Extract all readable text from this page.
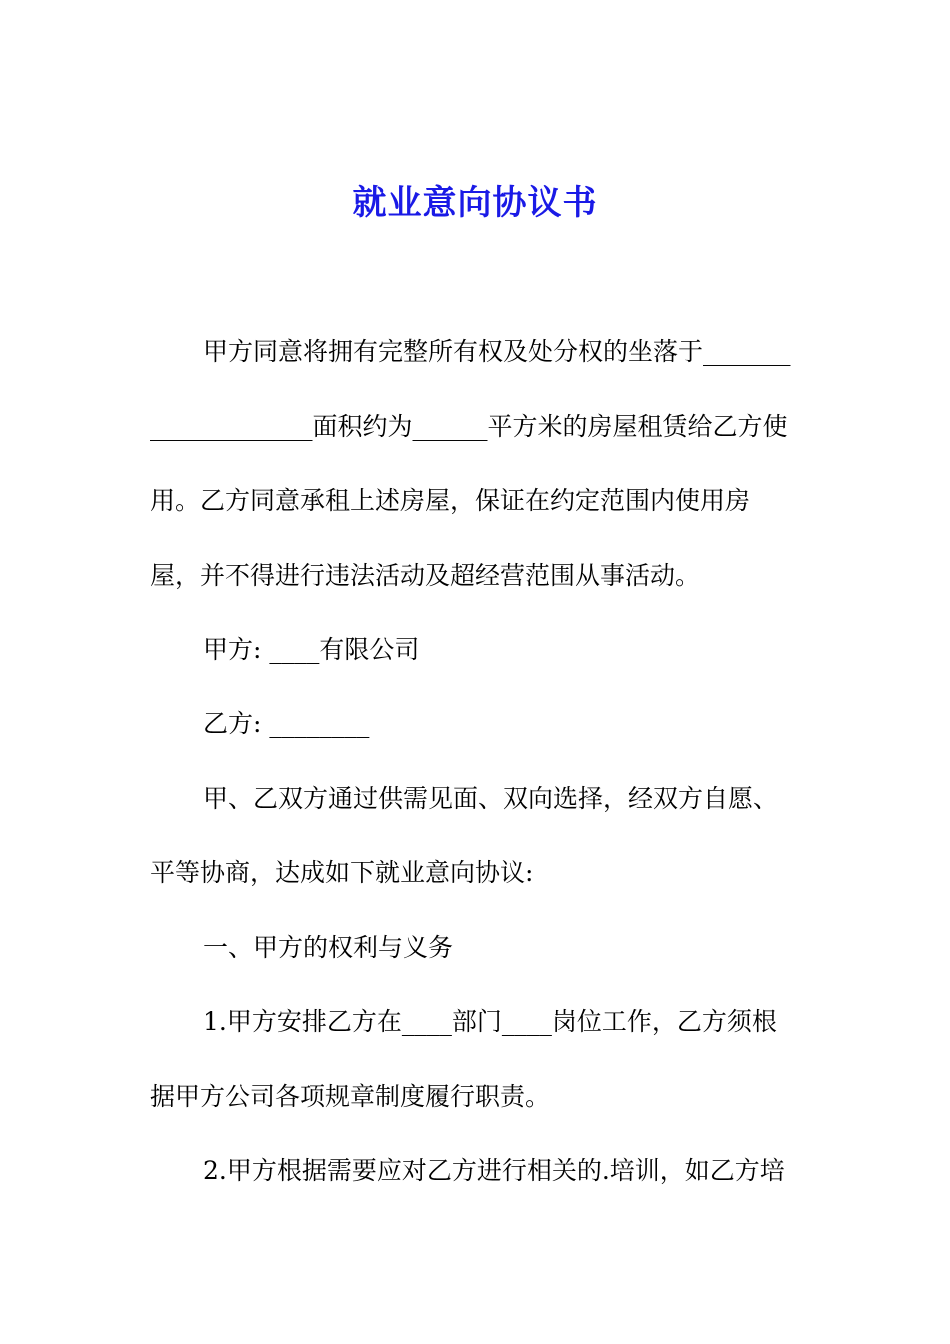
就业意向协议书

甲方同意将拥有完整所有权及处分权的坐落于_______

_____________面积约为______平方米的房屋租赁给乙方使

用。乙方同意承租上述房屋，保证在约定范围内使用房

屋，并不得进行违法活动及超经营范围从事活动。

甲方: ____有限公司

乙方: ________

甲、乙双方通过供需见面、双向选择，经双方自愿、

平等协商，达成如下就业意向协议:

一、甲方的权利与义务

1.甲方安排乙方在____部门____岗位工作，乙方须根

据甲方公司各项规章制度履行职责。

2.甲方根据需要应对乙方进行相关的.培训，如乙方培
